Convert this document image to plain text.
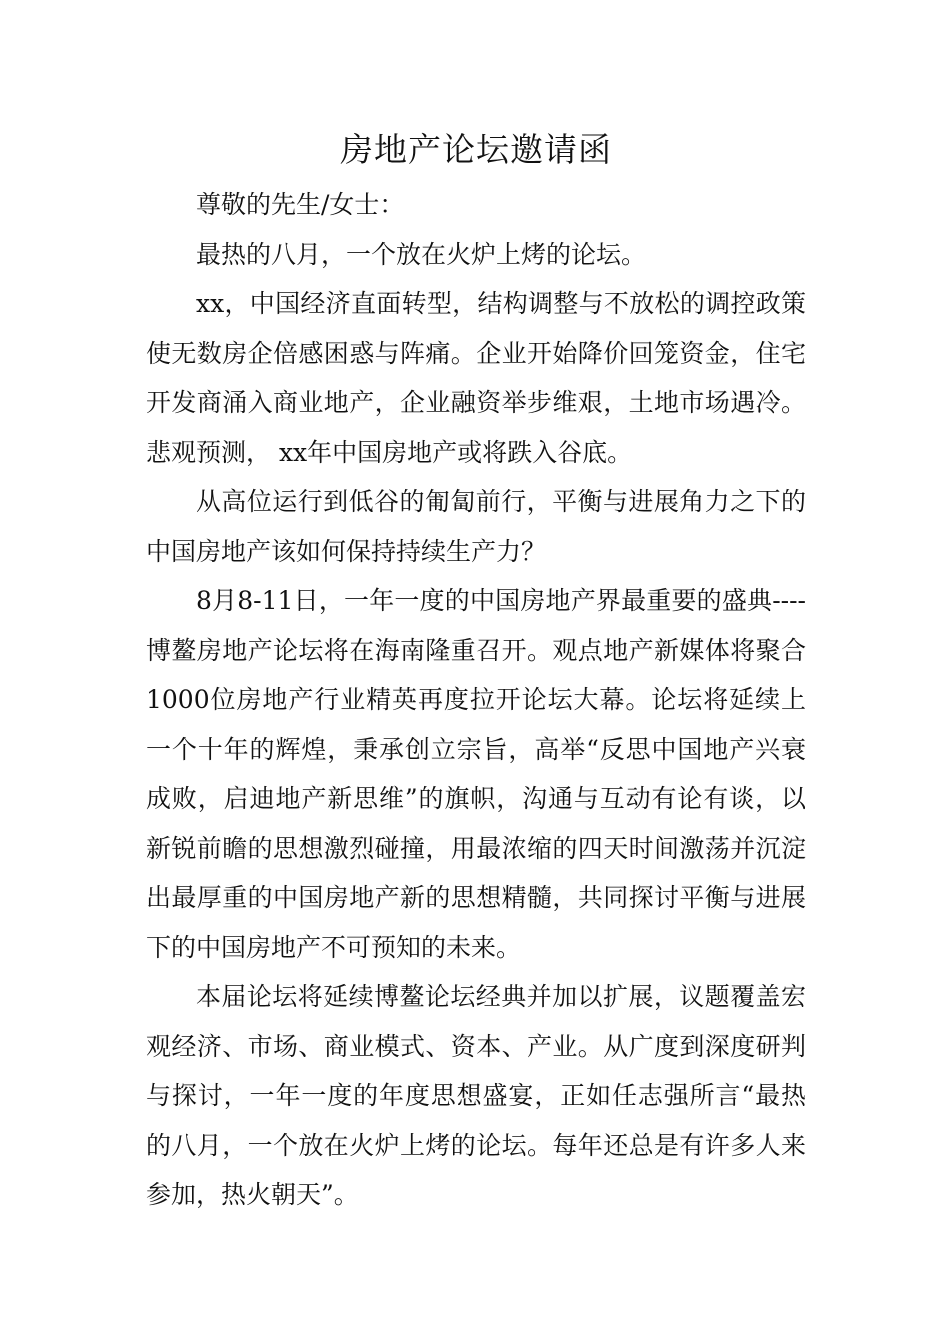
房地产论坛邀请函

尊敬的先生/女士：

最热的八月，一个放在火炉上烤的论坛。

xx，中国经济直面转型，结构调整与不放松的调控政策使无数房企倍感困惑与阵痛。企业开始降价回笼资金，住宅开发商涌入商业地产，企业融资举步维艰，土地市场遇冷。悲观预测， xx年中国房地产或将跌入谷底。

从高位运行到低谷的匍匐前行，平衡与进展角力之下的中国房地产该如何保持持续生产力？

8月8-11日，一年一度的中国房地产界最重要的盛典----博鳌房地产论坛将在海南隆重召开。观点地产新媒体将聚合1000位房地产行业精英再度拉开论坛大幕。论坛将延续上一个十年的辉煌，秉承创立宗旨，高举“反思中国地产兴衰成败，启迪地产新思维”的旗帜，沟通与互动有论有谈，以新锐前瞻的思想激烈碰撞，用最浓缩的四天时间激荡并沉淀出最厚重的中国房地产新的思想精髓，共同探讨平衡与进展下的中国房地产不可预知的未来。

本届论坛将延续博鳌论坛经典并加以扩展，议题覆盖宏观经济、市场、商业模式、资本、产业。从广度到深度研判与探讨，一年一度的年度思想盛宴，正如任志强所言“最热的八月，一个放在火炉上烤的论坛。每年还总是有许多人来参加，热火朝天”。
